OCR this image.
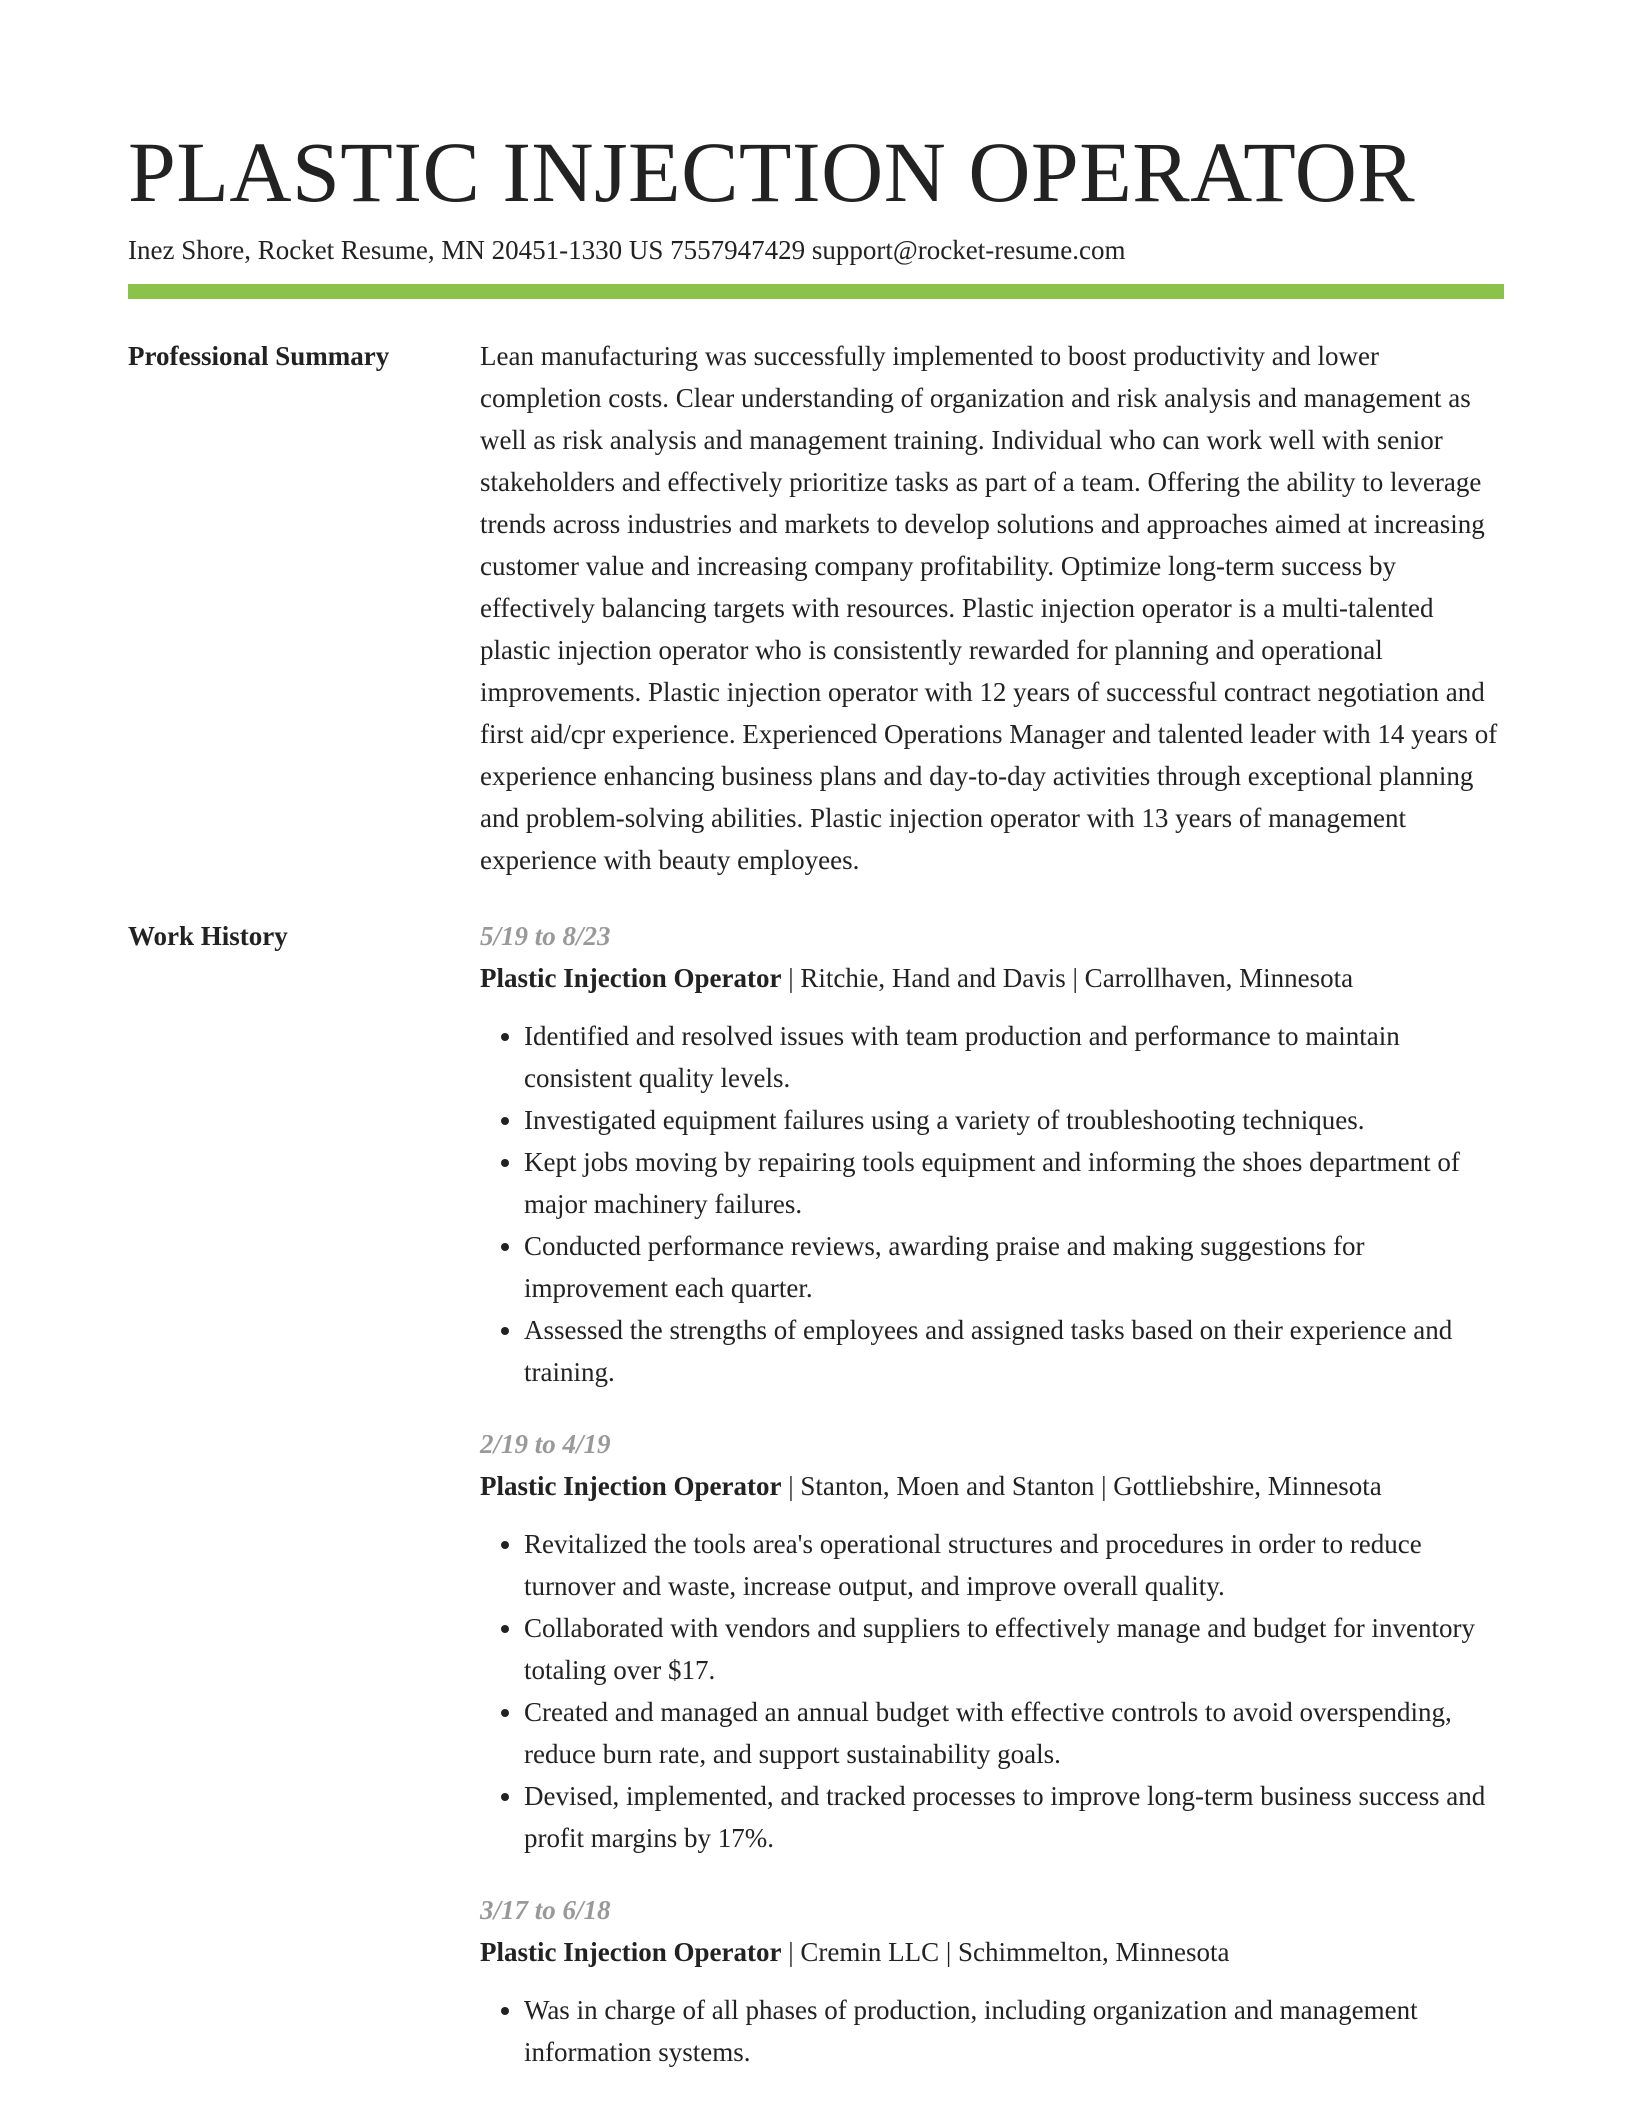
PLASTIC INJECTION OPERATOR
Inez Shore, Rocket Resume, MN 20451-1330 US 7557947429 support@rocket-resume.com
Professional Summary	Lean manufacturing was successfully implemented to boost productivity and lower completion costs. Clear understanding of organization and risk analysis and management as well as risk analysis and management training. Individual who can work well with senior stakeholders and effectively prioritize tasks as part of a team. Offering the ability to leverage trends across industries and markets to develop solutions and approaches aimed at increasing customer value and increasing company profitability. Optimize long-term success by effectively balancing targets with resources. Plastic injection operator is a multi-talented plastic injection operator who is consistently rewarded for planning and operational improvements. Plastic injection operator with 12 years of successful contract negotiation and first aid/cpr experience. Experienced Operations Manager and talented leader with 14 years of experience enhancing business plans and day-to-day activities through exceptional planning and problem-solving abilities. Plastic injection operator with 13 years of management experience with beauty employees.

Work History	5/19 to 8/23
Plastic Injection Operator | Ritchie, Hand and Davis | Carrollhaven, Minnesota
• Identified and resolved issues with team production and performance to maintain consistent quality levels.
• Investigated equipment failures using a variety of troubleshooting techniques.
• Kept jobs moving by repairing tools equipment and informing the shoes department of major machinery failures.
• Conducted performance reviews, awarding praise and making suggestions for improvement each quarter.
• Assessed the strengths of employees and assigned tasks based on their experience and training.
2/19 to 4/19
Plastic Injection Operator | Stanton, Moen and Stanton | Gottliebshire, Minnesota
• Revitalized the tools area's operational structures and procedures in order to reduce turnover and waste, increase output, and improve overall quality.
• Collaborated with vendors and suppliers to effectively manage and budget for inventory totaling over $17.
• Created and managed an annual budget with effective controls to avoid overspending, reduce burn rate, and support sustainability goals.
• Devised, implemented, and tracked processes to improve long-term business success and profit margins by 17%.
3/17 to 6/18
Plastic Injection Operator | Cremin LLC | Schimmelton, Minnesota
• Was in charge of all phases of production, including organization and management information systems.
